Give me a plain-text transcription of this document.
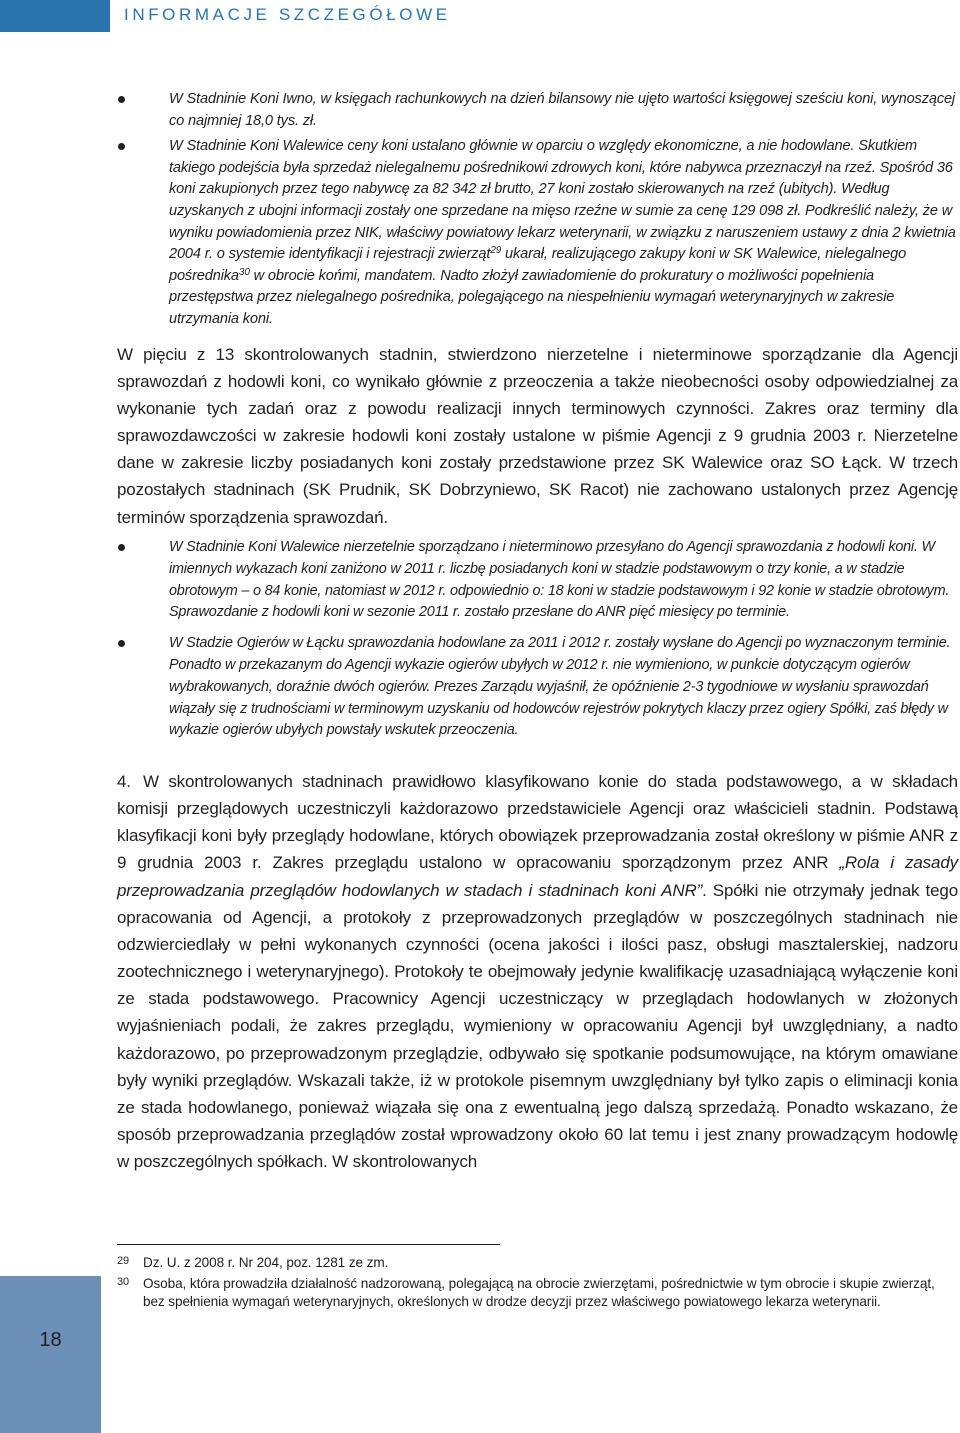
INFORMACJE SZCZEGÓŁOWE
W Stadninie Koni Iwno, w księgach rachunkowych na dzień bilansowy nie ujęto wartości księgowej sześciu koni, wynoszącej co najmniej 18,0 tys. zł.
W Stadninie Koni Walewice ceny koni ustalano głównie w oparciu o względy ekonomiczne, a nie hodowlane. Skutkiem takiego podejścia była sprzedaż nielegalnemu pośrednikowi zdrowych koni, które nabywca przeznaczył na rzeź. Spośród 36 koni zakupionych przez tego nabywcę za 82 342 zł brutto, 27 koni zostało skierowanych na rzeź (ubitych). Według uzyskanych z ubojni informacji zostały one sprzedane na mięso rzeźne w sumie za cenę 129 098 zł. Podkreślić należy, że w wyniku powiadomienia przez NIK, właściwy powiatowy lekarz weterynarii, w związku z naruszeniem ustawy z dnia 2 kwietnia 2004 r. o systemie identyfikacji i rejestracji zwierząt$^{29}$ ukarał, realizującego zakupy koni w SK Walewice, nielegalnego pośrednika$^{30}$ w obrocie końmi, mandatem. Nadto złożył zawiadomienie do prokuratury o możliwości popełnienia przestępstwa przez nielegalnego pośrednika, polegającego na niespełnieniu wymagań weterynaryjnych w zakresie utrzymania koni.

W pięciu z 13 skontrolowanych stadnin, stwierdzono nierzetelne i nieterminowe sporządzanie dla Agencji sprawozdań z hodowli koni, co wynikało głównie z przeoczenia a także nieobecności osoby odpowiedzialnej za wykonanie tych zadań oraz z powodu realizacji innych terminowych czynności. Zakres oraz terminy dla sprawozdawczości w zakresie hodowli koni zostały ustalone w piśmie Agencji z 9 grudnia 2003 r. Nierzetelne dane w zakresie liczby posiadanych koni zostały przedstawione przez SK Walewice oraz SO Łąck. W trzech pozostałych stadninach (SK Prudnik, SK Dobrzyniewo, SK Racot) nie zachowano ustalonych przez Agencję terminów sporządzenia sprawozdań.

W Stadninie Koni Walewice nierzetelnie sporządzano i nieterminowo przesyłano do Agencji sprawozdania z hodowli koni. W imiennych wykazach koni zaniżono w 2011 r. liczbę posiadanych koni w stadzie podstawowym o trzy konie, a w stadzie obrotowym – o 84 konie, natomiast w 2012 r. odpowiednio o: 18 koni w stadzie podstawowym i 92 konie w stadzie obrotowym. Sprawozdanie z hodowli koni w sezonie 2011 r. zostało przesłane do ANR pięć miesięcy po terminie.
W Stadzie Ogierów w Łącku sprawozdania hodowlane za 2011 i 2012 r. zostały wysłane do Agencji po wyznaczonym terminie. Ponadto w przekazanym do Agencji wykazie ogierów ubyłych w 2012 r. nie wymieniono, w punkcie dotyczącym ogierów wybrakowanych, doraźnie dwóch ogierów. Prezes Zarządu wyjaśnił, że opóźnienie 2-3 tygodniowe w wysłaniu sprawozdań wiązały się z trudnościami w terminowym uzyskaniu od hodowców rejestrów pokrytych klaczy przez ogiery Spółki, zaś błędy w wykazie ogierów ubyłych powstały wskutek przeoczenia.

4. W skontrolowanych stadninach prawidłowo klasyfikowano konie do stada podstawowego, a w składach komisji przeglądowych uczestniczyli każdorazowo przedstawiciele Agencji oraz właścicieli stadnin. Podstawą klasyfikacji koni były przeglądy hodowlane, których obowiązek przeprowadzania został określony w piśmie ANR z 9 grudnia 2003 r. Zakres przeglądu ustalono w opracowaniu sporządzonym przez ANR „Rola i zasady przeprowadzania przeglądów hodowlanych w stadach i stadninach koni ANR”. Spółki nie otrzymały jednak tego opracowania od Agencji, a protokoły z przeprowadzonych przeglądów w poszczególnych stadninach nie odzwierciedlały w pełni wykonanych czynności (ocena jakości i ilości pasz, obsługi masztalerskiej, nadzoru zootechnicznego i weterynaryjnego). Protokoły te obejmowały jedynie kwalifikację uzasadniającą wyłączenie koni ze stada podstawowego. Pracownicy Agencji uczestniczący w przeglądach hodowlanych w złożonych wyjaśnieniach podali, że zakres przeglądu, wymieniony w opracowaniu Agencji był uwzględniany, a nadto każdorazowo, po przeprowadzonym przeglądzie, odbywało się spotkanie podsumowujące, na którym omawiane były wyniki przeglądów. Wskazali także, iż w protokole pisemnym uwzględniany był tylko zapis o eliminacji konia ze stada hodowlanego, ponieważ wiązała się ona z ewentualną jego dalszą sprzedażą. Ponadto wskazano, że sposób przeprowadzania przeglądów został wprowadzony około 60 lat temu i jest znany prowadzącym hodowlę w poszczególnych spółkach. W skontrolowanych

29 Dz. U. z 2008 r. Nr 204, poz. 1281 ze zm.
30 Osoba, która prowadziła działalność nadzorowaną, polegającą na obrocie zwierzętami, pośrednictwie w tym obrocie i skupie zwierząt, bez spełnienia wymagań weterynaryjnych, określonych w drodze decyzji przez właściwego powiatowego lekarza weterynarii.
18
